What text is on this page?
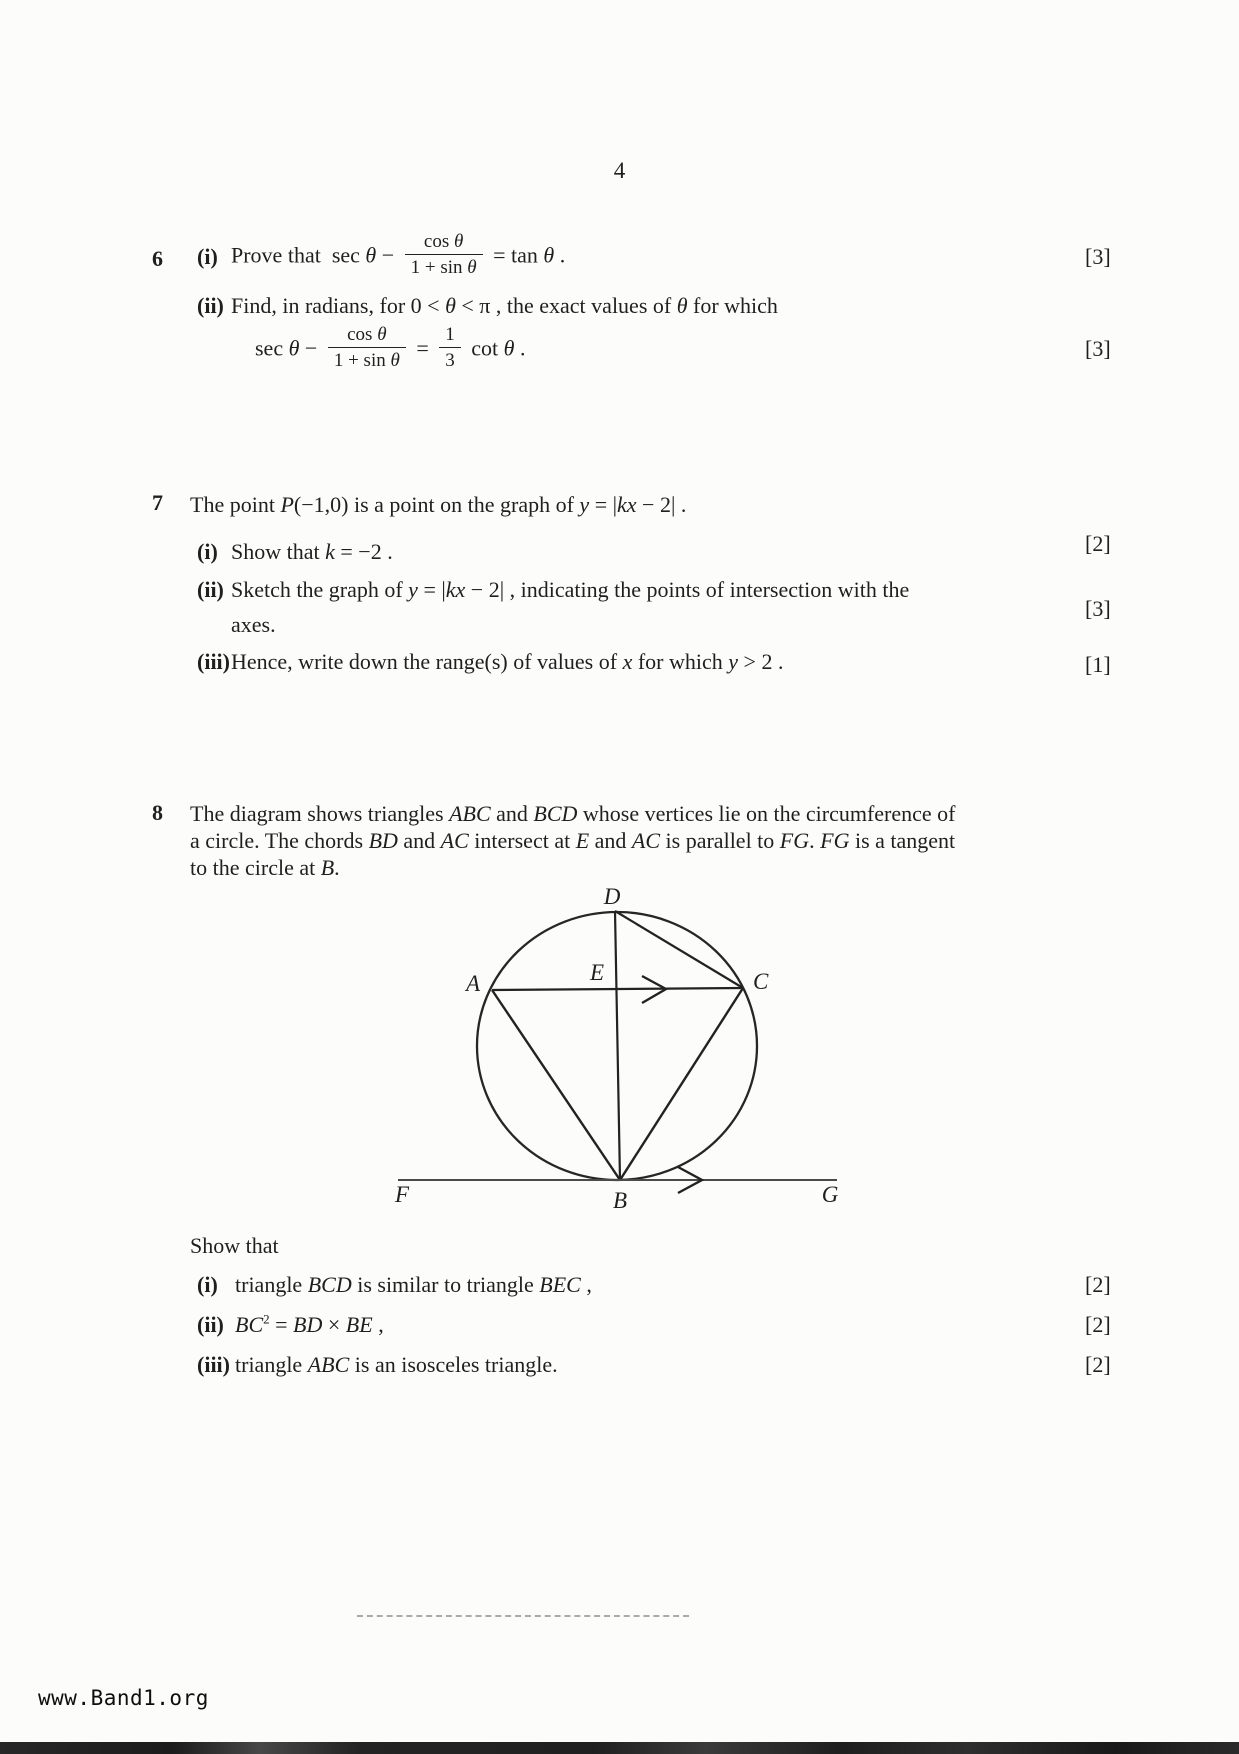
4
6 (i) Prove that  $\sec \theta - \frac{\text{cos θ}}{\text{1 + sin θ}} = \tan \theta$ .	[3]
(ii) Find, in radians, for 0 < θ < π , the exact values of θ for which
$\sec \theta - \frac{\text{cos θ}}{\text{1 + sin θ}} = \frac{1}{3}$ cot θ .	[3]
7 The point P(−1,0) is a point on the graph of y = |kx − 2| .
(i) Show that k = −2 .	[2]
(ii) Sketch the graph of y = |kx − 2| , indicating the points of intersection with the
axes.
[3]
(iii) Hence, write down the range(s) of values of x for which y > 2 .	[1]
8 The diagram shows triangles ABC and BCD whose vertices lie on the circumference of
a circle. The chords BD and AC intersect at E and AC is parallel to FG. FG is a tangent
to the circle at B.
D
E
A	C
F	B	G
Show that
(i) triangle BCD is similar to triangle BEC ,	[2]
(ii) $BC^2$ = BD × BE ,	[2]
(iii) triangle ABC is an isosceles triangle.	[2]
www.Band1.org
